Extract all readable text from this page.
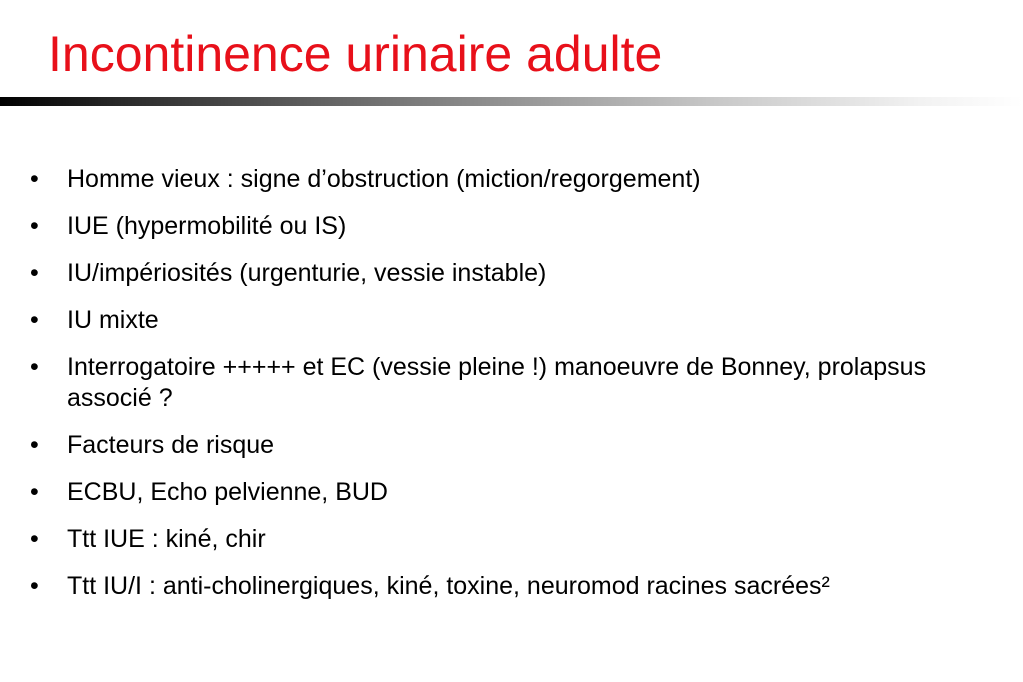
Incontinence urinaire adulte
•	Homme vieux : signe d’obstruction (miction/regorgement)
•	IUE (hypermobilité ou IS)
•	IU/impériosités (urgenturie, vessie instable)
•	IU mixte
•	Interrogatoire +++++ et EC (vessie pleine !) manoeuvre de Bonney, prolapsus associé ?
•	Facteurs de risque
•	ECBU, Echo pelvienne, BUD
•	Ttt IUE : kiné, chir
•	Ttt IU/I : anti-cholinergiques, kiné, toxine, neuromod racines sacrées²
